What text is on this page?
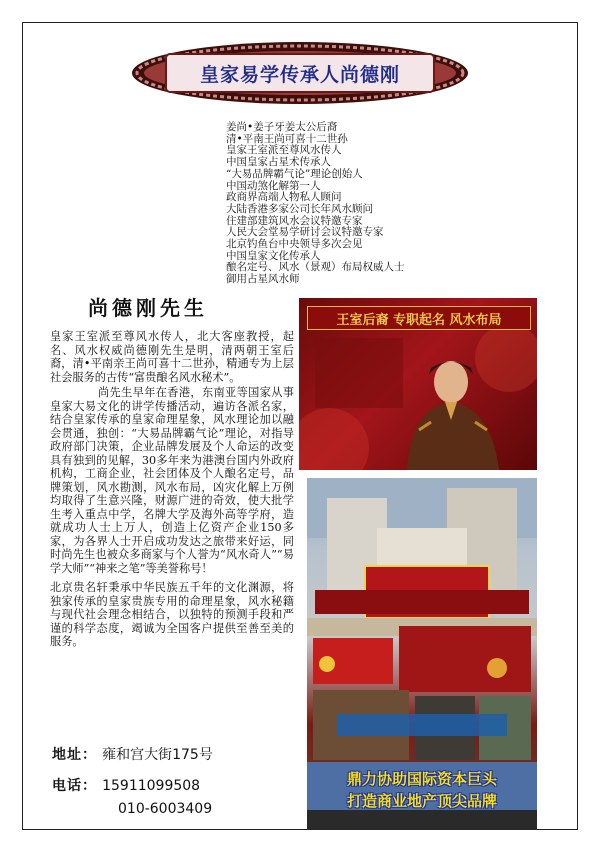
皇家易学传承人尚德刚
姜尚•姜子牙姜太公后裔
清•平南王尚可喜十二世孙
皇家王室派至尊风水传人
中国皇家占星术传承人
“大易品牌霸气论”理论创始人
中国动煞化解第一人
政商界高端人物私人顾问
大陆香港多家公司长年风水顾问
住建部建筑风水会议特邀专家
人民大会堂易学研讨会议特邀专家
北京钓鱼台中央领导多次会见
中国皇家文化传承人
酿名定号、风水（景观）布局权威人士
御用占星风水师
尚德刚先生

皇家王室派至尊风水传人，北大客座教授，起名、风水权威尚德刚先生是明，清两朝王室后裔，清•平南亲王尚可喜十二世孙，精通专为上层社会服务的古传“富贵酿名风水秘术”。

尚先生早年在香港，东南亚等国家从事皇家大易文化的讲学传播活动，遍访各派名家，结合皇家传承的皇家命理星象，风水理论加以融会贯通，独创：“大易品牌霸气论”理论，对指导政府部门决策，企业品牌发展及个人命运的改变具有独到的见解，30多年来为港澳台国内外政府机构，工商企业，社会团体及个人酿名定号，品牌策划，风水勘测，风水布局，凶灾化解上万例均取得了生意兴隆，财源广进的奇效，使大批学生考入重点中学，名牌大学及海外高等学府，造就成功人士上万人，创造上亿资产企业150多家，为各界人士开启成功发达之旅带来好运，同时尚先生也被众多商家与个人誉为“风水奇人”“易学大师”“神来之笔”等美誉称号！

北京贵名轩秉承中华民族五千年的文化渊源，将独家传承的皇家贵族专用的命理星象，风水秘籍与现代社会理念相结合，以独特的预测手段和严谨的科学态度，竭诚为全国客户提供至善至美的服务。

地址： 雍和宫大街175号
电话： 15911099508
010-6003409
王室后裔 专职起名 风水布局
鼎力协助国际资本巨头
打造商业地产顶尖品牌
